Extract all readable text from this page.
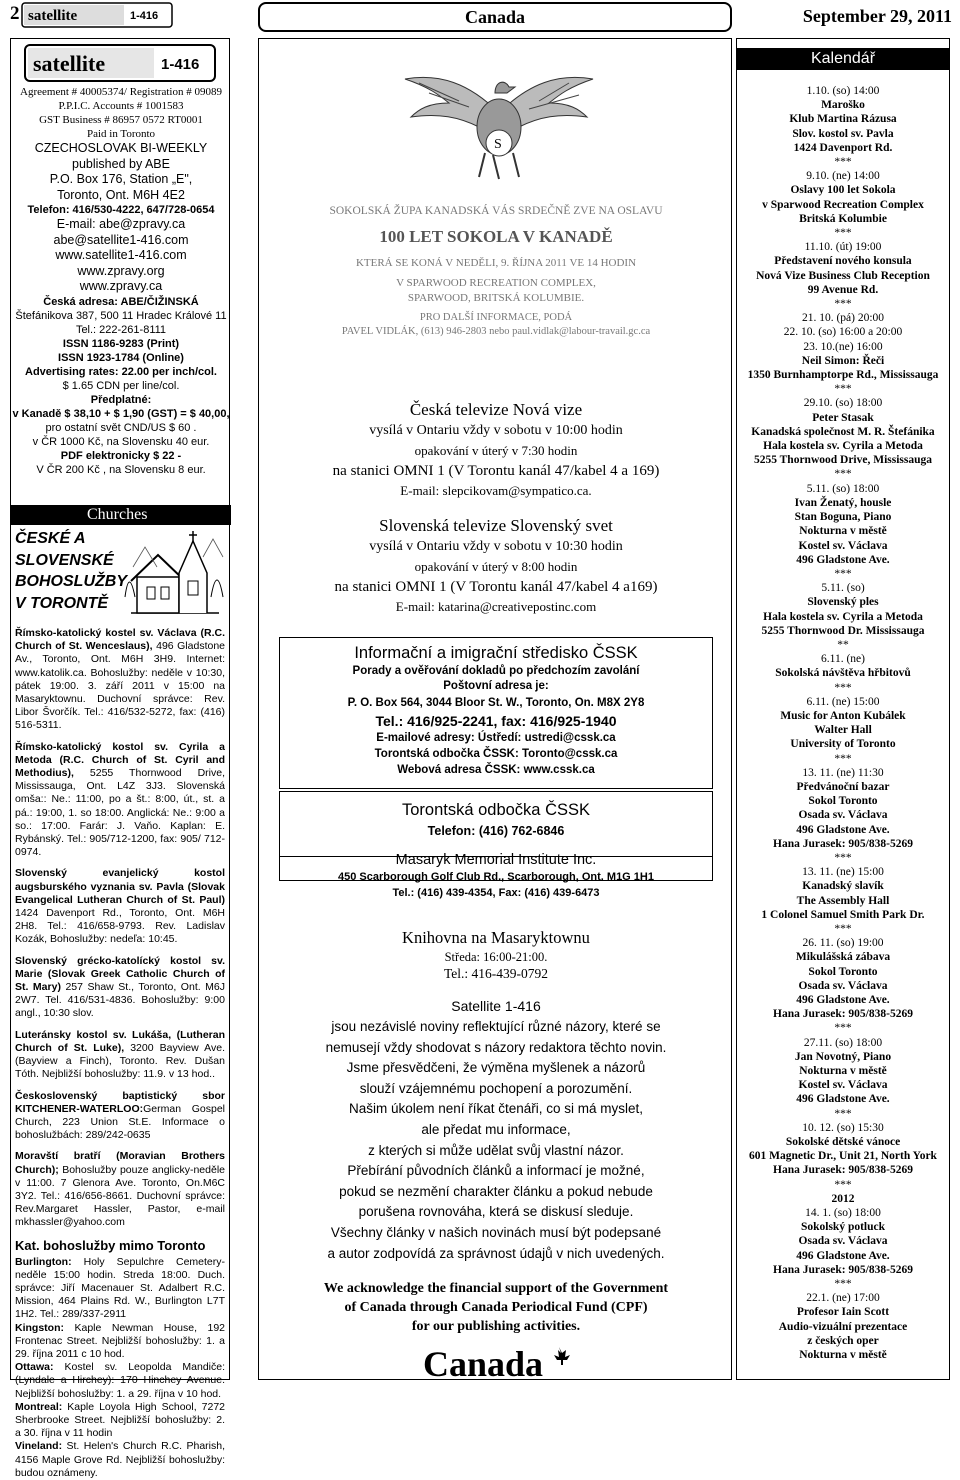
2 satellite	1-416	Canada	September 29, 2011
satellite	1-416
Agreement # 40005374/ Registration # 09089
P.P.I.C. Accounts # 1001583
GST Business # 86957 0572 RT0001
Paid in Toronto
CZECHOSLOVAK BI-WEEKLY
published by ABE
P.O. Box 176, Station „E",
Toronto, Ont. M6H 4E2
Telefon: 416/530-4222, 647/728-0654
E-mail: abe@zpravy.ca
abe@satellite1-416.com
www.satellite1-416.com
www.zpravy.org
www.zpravy.ca
Česká adresa: ABE/ČIŽINSKÁ
Štefánikova 387, 500 11 Hradec Králové 11
Tel.: 222-261-8111
ISSN 1186-9283 (Print)
ISSN 1923-1784 (Online)
Advertising rates: 22.00 per inch/col.
$ 1.65 CDN per line/col.
Předplatné:
v Kanadě $ 38,10 + $ 1,90 (GST) = $ 40,00,
pro ostatní svět CND/US $ 60 .
v ČR 1000 Kč, na Slovensku 40 eur.
PDF elektronicky $ 22 -
V ČR 200 Kč , na Slovensku 8 eur.
Churches
ČESKÉ A
SLOVENSKÉ
BOHOSLUŽBY
V TORONTĚ

Římsko-katolický kostel sv. Václava (R.C. Church of St. Wenceslaus), 496 Gladstone Av., Toronto, Ont. M6H 3H9. Internet: www.katolik.ca. Bohoslužby: neděle v 10:30, pátek 19:00. 3. září 2011 v 15:00 na Masaryktownu. Duchovní správce: Rev. Libor Švorčík. Tel.: 416/532-5272, fax: (416) 516-5311.

Římsko-katolický kostol sv. Cyrila a Metoda (R.C. Church of St. Cyril and Methodius), 5255 Thornwood Drive, Mississauga, Ont. L4Z 3J3. Slovenská omša:: Ne.: 11:00, po a št.: 8:00, út., st. a pá.: 19:00, 1. so 18:00. Anglická: Ne.: 9:00 a so.: 17:00. Farár: J. Vaňo. Kaplan: E. Rybánský. Tel.: 905/712-1200, fax: 905/ 712-0974.

Slovenský evanjelický kostol augsburského vyznania sv. Pavla (Slovak Evangelical Lutheran Church of St. Paul) 1424 Davenport Rd., Toronto, Ont. M6H 2H8. Tel.: 416/658-9793. Rev. Ladislav Kozák, Bohoslužby: nedeľa: 10:45.

Slovenský grécko-katolícký kostol sv. Marie (Slovak Greek Catholic Church of St. Mary) 257 Shaw St., Toronto, Ont. M6J 2W7. Tel. 416/531-4836. Bohoslužby: 9:00 angl., 10:30 slov.

Luteránsky kostol sv. Lukáša, (Lutheran Church of St. Luke), 3200 Bayview Ave. (Bayview a Finch), Toronto. Rev. Dušan Tóth. Nejbližší bohoslužby: 11.9. v 13 hod..

Československý baptistický sbor KITCHENER-WATERLOO:German Gospel Church, 223 Union St.E. Informace o bohoslužbách: 289/242-0635

Moravští bratří (Moravian Brothers Church); Bohoslužby pouze anglicky-neděle v 11:00. 7 Glenora Ave. Toronto, On.M6C 3Y2. Tel.: 416/656-8661. Duchovní správce: Rev.Margaret Hassler, Pastor, e-mail mkhassler@yahoo.com

Kat. bohoslužby mimo Toronto

Burlington: Holy Sepulchre Cemetery-neděle 15:00 hodin. Streda 18:00. Duch. správce: Jiří Macenauer St. Adalbert R.C. Mission, 464 Plains Rd. W., Burlington L7T 1H2. Tel.: 289/337-2911

Kingston: Kaple Newman House, 192 Frontenac Street. Nejbližší bohoslužby: 1. a 29. října 2011 c 10 hod.

Ottawa: Kostel sv. Leopolda Mandiče: (Lyndale a Hirchey): 170 Hinchey Avenue. Nejbližší bohoslužby: 1. a 29. října v 10 hod.

Montreal: Kaple Loyola High School, 7272 Sherbrooke Street. Nejbližší bohoslužby: 2. a 30. října v 11 hodin

Vineland: St. Helen's Church R.C. Pharish, 4156 Maple Grove Rd. Nejbližší bohoslužby: budou oznámeny.

S
SOKOLSKÁ ŽUPA KANADSKÁ VÁS SRDEČNĚ ZVE NA OSLAVU
100 LET SOKOLA V KANADĚ
KTERÁ SE KONÁ V NEDĚLI, 9. ŘÍJNA 2011 VE 14 HODIN
V SPARWOOD RECREATION COMPLEX,
SPARWOOD, BRITSKÁ KOLUMBIE.
PRO DALŠÍ INFORMACE, PODÁ
PAVEL VIDLÁK, (613) 946-2803 nebo paul.vidlak@labour-travail.gc.ca
Česká televize Nová vize
vysílá v Ontariu vždy v sobotu v 10:00 hodin
opakování v úterý v 7:30 hodin
na stanici OMNI 1 (V Torontu kanál 47/kabel 4 a 169)
E-mail: slepcikovam@sympatico.ca.
Slovenská televize Slovenský svet
vysílá v Ontariu vždy v sobotu v 10:30 hodin
opakování v úterý v 8:00 hodin
na stanici OMNI 1 (V Torontu kanál 47/kabel 4 a169)
E-mail: katarina@creativepostinc.com
Informační a imigrační středisko ČSSK
Porady a ověřování dokladů po předchozím zavolání
Poštovní adresa je:
P. O. Box 564, 3044 Bloor St. W., Toronto, On. M8X 2Y8
Tel.: 416/925-2241, fax: 416/925-1940
E-mailové adresy: Ústředí: ustredi@cssk.ca
Torontská odbočka ČSSK: Toronto@cssk.ca
Webová adresa ČSSK: www.cssk.ca
Torontská odbočka ČSSK
Telefon: (416) 762-6846
Masaryk Memorial Institute Inc.
450 Scarborough Golf Club Rd., Scarborough, Ont. M1G 1H1
Tel.: (416) 439-4354, Fax: (416) 439-6473
Knihovna na Masaryktownu
Středa: 16:00-21:00.
Tel.: 416-439-0792
Satellite 1-416
jsou nezávislé noviny reflektující různé názory, které se
nemusejí vždy shodovat s názory redaktora těchto novin.
Jsme přesvědčeni, že výměna myšlenek a názorů
slouží vzájemnému pochopení a porozumění.
Našim úkolem není říkat čtenáři, co si má myslet,
ale předat mu informace,
z kterých si může udělat svůj vlastní názor.
Přebírání původních článků a informací je možné,
pokud se nezmění charakter článku a pokud nebude
porušena rovnováha, která se diskusí sleduje.
Všechny články v našich novinách musí být podepsané
a autor zodpovídá za správnost údajů v nich uvedených.
We acknowledge the financial support of the Government
of Canada through Canada Periodical Fund (CPF)
for our publishing activities.
Canada
Kalendář
1.10. (so) 14:00
Maroško
Klub Martina Rázusa
Slov. kostol sv. Pavla
1424 Davenport Rd.
***
9.10. (ne) 14:00
Oslavy 100 let Sokola
v Sparwood Recreation Complex
Britská Kolumbie
***
11.10. (út) 19:00
Představení nového konsula
Nová Vize Business Club Reception
99 Avenue Rd.
***
21. 10. (pá) 20:00
22. 10. (so) 16:00 a 20:00
23. 10.(ne) 16:00
Neil Simon: Řeči
1350 Burnhamptorpe Rd., Mississauga
***
29.10. (so) 18:00
Peter Stasak
Kanadská společnost M. R. Štefánika
Hala kostela sv. Cyrila a Metoda
5255 Thornwood Drive, Mississauga
***
5.11. (so) 18:00
Ivan Ženatý, housle
Stan Boguna, Piano
Nokturna v městě
Kostel sv. Václava
496 Gladstone Ave.
***
5.11. (so)
Slovenský ples
Hala kostela sv. Cyrila a Metoda
5255 Thornwood Dr. Mississauga
**
6.11. (ne)
Sokolská návštěva hřbitovů
***
6.11. (ne) 15:00
Music for Anton Kubálek
Walter Hall
University of Toronto
***
13. 11. (ne) 11:30
Předvánoční bazar
Sokol Toronto
Osada sv. Václava
496 Gladstone Ave.
Hana Jurasek: 905/838-5269
***
13. 11. (ne) 15:00
Kanadský slavík
The Assembly Hall
1 Colonel Samuel Smith Park Dr.
***
26. 11. (so) 19:00
Mikulášská zábava
Sokol Toronto
Osada sv. Václava
496 Gladstone Ave.
Hana Jurasek: 905/838-5269
***
27.11. (so) 18:00
Jan Novotný, Piano
Nokturna v městě
Kostel sv. Václava
496 Gladstone Ave.
***
10. 12. (so) 15:30
Sokolské dětské vánoce
601 Magnetic Dr., Unit 21, North York
Hana Jurasek: 905/838-5269
***
2012
14. 1. (so) 18:00
Sokolský potluck
Osada sv. Václava
496 Gladstone Ave.
Hana Jurasek: 905/838-5269
***
22.1. (ne) 17:00
Profesor Iain Scott
Audio-vizuální prezentace
z českých oper
Nokturna v městě
